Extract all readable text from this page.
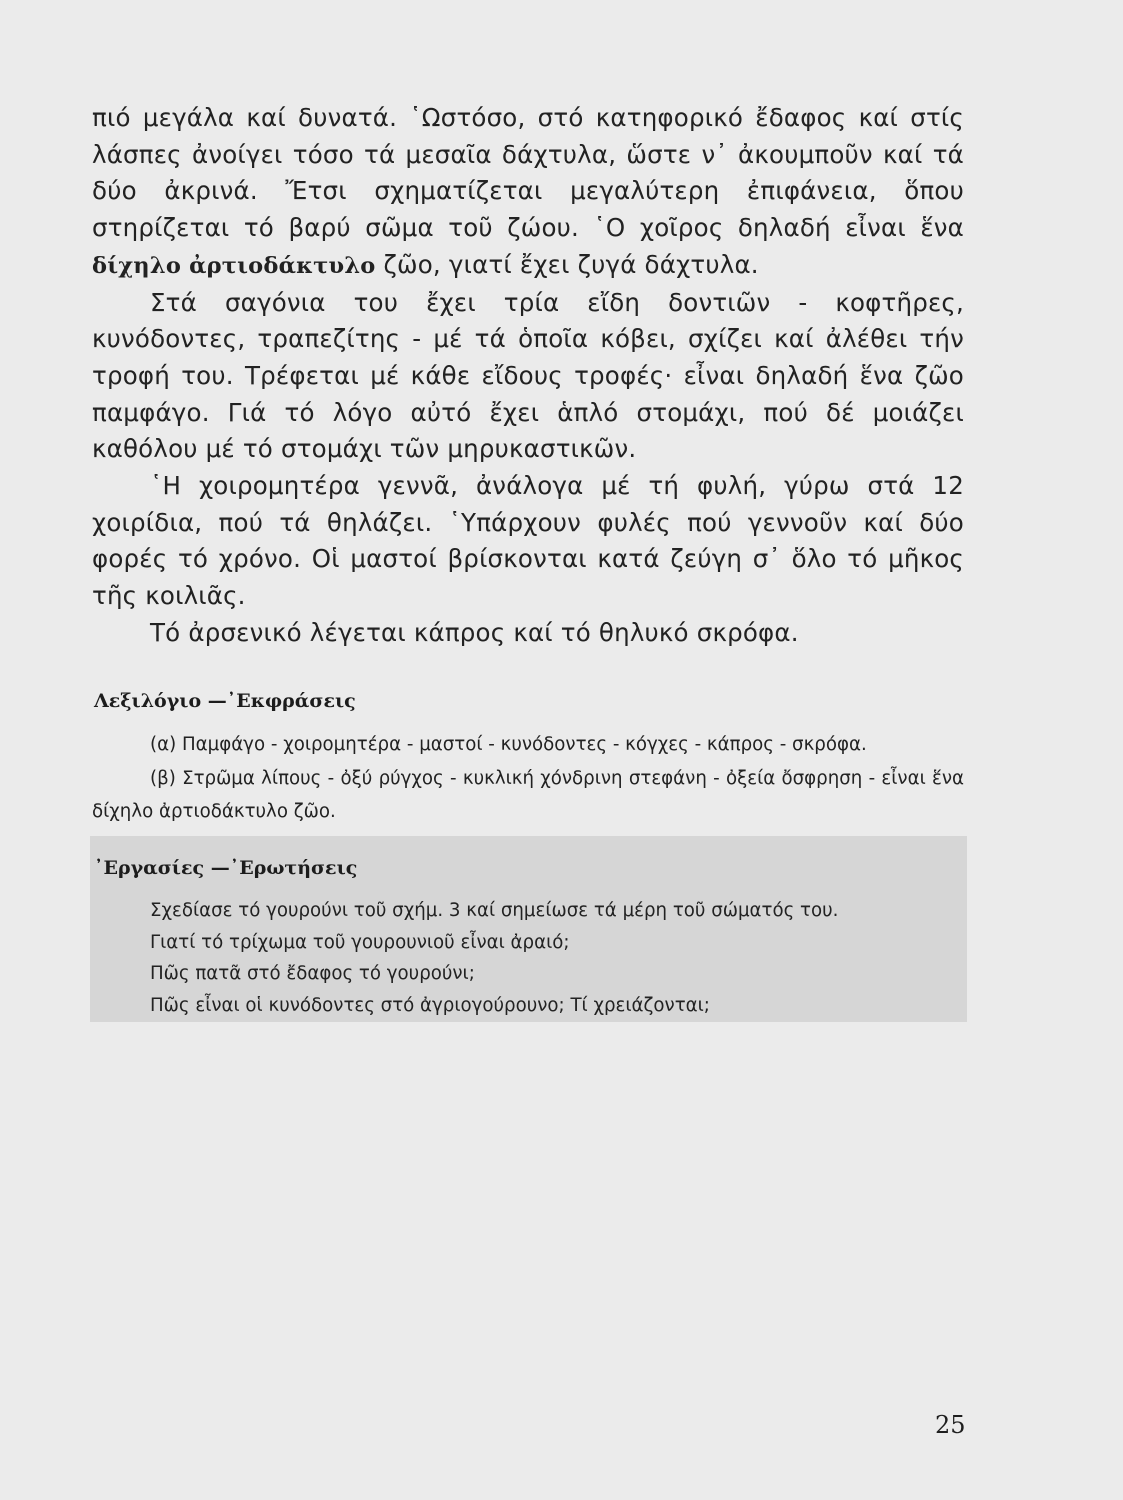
πιό μεγάλα καί δυνατά. ῾Ωστόσο, στό κατηφορικό ἔδαφος καί στίς λάσπες ἀνοίγει τόσο τά μεσαῖα δάχτυλα, ὥστε ν᾽ ἀκουμποῦν καί τά δύο ἀκρινά. Ἔτσι σχηματίζεται μεγαλύτερη ἐπιφάνεια, ὅπου στηρίζεται τό βαρύ σῶμα τοῦ ζώου. ῾Ο χοῖρος δηλαδή εἶναι ἕνα δίχηλο ἀρτιοδάκτυλο ζῶο, γιατί ἔχει ζυγά δάχτυλα.

Στά σαγόνια του ἔχει τρία εἴδη δοντιῶν - κοφτῆρες, κυνόδοντες, τραπεζίτης - μέ τά ὁποῖα κόβει, σχίζει καί ἀλέθει τήν τροφή του. Τρέφεται μέ κάθε εἴδους τροφές· εἶναι δηλαδή ἕνα ζῶο παμφάγο. Γιά τό λόγο αὐτό ἔχει ἁπλό στομάχι, πού δέ μοιάζει καθόλου μέ τό στομάχι τῶν μηρυκαστικῶν.

῾Η χοιρομητέρα γεννᾶ, ἀνάλογα μέ τή φυλή, γύρω στά 12 χοιρίδια, πού τά θηλάζει. ῾Υπάρχουν φυλές πού γεννοῦν καί δύο φορές τό χρόνο. Οἱ μαστοί βρίσκονται κατά ζεύγη σ᾽ ὅλο τό μῆκος τῆς κοιλιᾶς.

Τό ἀρσενικό λέγεται κάπρος καί τό θηλυκό σκρόφα.

Λεξιλόγιο —᾽Εκφράσεις

(α) Παμφάγο - χοιρομητέρα - μαστοί - κυνόδοντες - κόγχες - κάπρος - σκρόφα.

(β) Στρῶμα λίπους - ὀξύ ρύγχος - κυκλική χόνδρινη στεφάνη - ὀξεία ὄσφρηση - εἶναι ἕνα δίχηλο ἀρτιοδάκτυλο ζῶο.

᾽Εργασίες —᾽Ερωτήσεις
Σχεδίασε τό γουρούνι τοῦ σχήμ. 3 καί σημείωσε τά μέρη τοῦ σώματός του.
Γιατί τό τρίχωμα τοῦ γουρουνιοῦ εἶναι ἀραιό;
Πῶς πατᾶ στό ἔδαφος τό γουρούνι;
Πῶς εἶναι οἱ κυνόδοντες στό ἀγριογούρουνο; Τί χρειάζονται;
25
